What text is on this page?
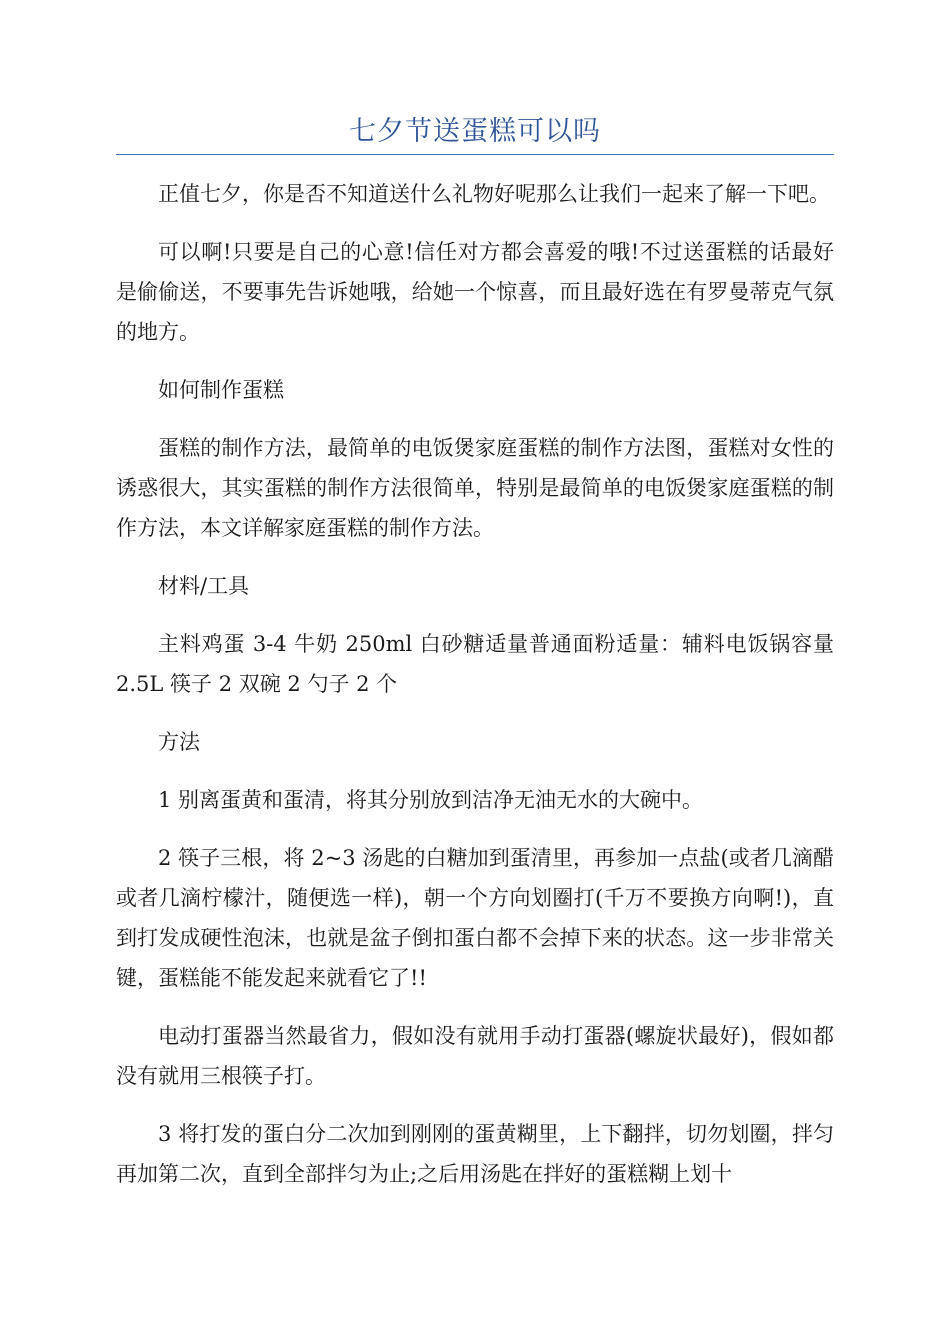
七夕节送蛋糕可以吗

正值七夕，你是否不知道送什么礼物好呢那么让我们一起来了解一下吧。

可以啊!只要是自己的心意!信任对方都会喜爱的哦!不过送蛋糕的话最好是偷偷送，不要事先告诉她哦，给她一个惊喜，而且最好选在有罗曼蒂克气氛的地方。

如何制作蛋糕

蛋糕的制作方法，最简单的电饭煲家庭蛋糕的制作方法图，蛋糕对女性的诱惑很大，其实蛋糕的制作方法很简单，特别是最简单的电饭煲家庭蛋糕的制作方法，本文详解家庭蛋糕的制作方法。

材料/工具

主料鸡蛋 3-4 牛奶 250ml 白砂糖适量普通面粉适量：辅料电饭锅容量 2.5L 筷子 2 双碗 2 勺子 2 个

方法

1 别离蛋黄和蛋清，将其分别放到洁净无油无水的大碗中。

2 筷子三根，将 2~3 汤匙的白糖加到蛋清里，再参加一点盐(或者几滴醋或者几滴柠檬汁，随便选一样)，朝一个方向划圈打(千万不要换方向啊!)，直到打发成硬性泡沫，也就是盆子倒扣蛋白都不会掉下来的状态。这一步非常关键，蛋糕能不能发起来就看它了!!

电动打蛋器当然最省力，假如没有就用手动打蛋器(螺旋状最好)，假如都没有就用三根筷子打。

3 将打发的蛋白分二次加到刚刚的蛋黄糊里，上下翻拌，切勿划圈，拌匀再加第二次，直到全部拌匀为止;之后用汤匙在拌好的蛋糕糊上划十
